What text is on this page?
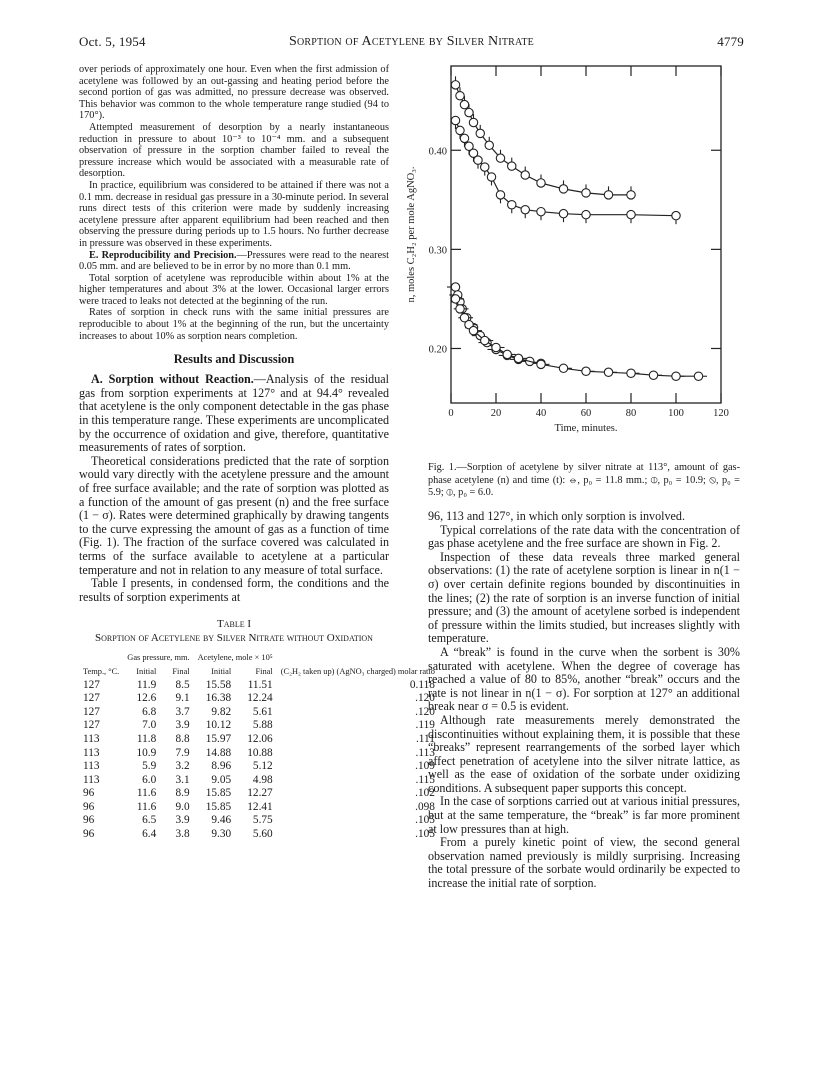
Oct. 5, 1954	Sorption of Acetylene by Silver Nitrate	4779

over periods of approximately one hour. Even when the first admission of acetylene was followed by an out-gassing and heating period before the second portion of gas was admitted, no pressure decrease was observed. This behavior was common to the whole temperature range studied (94 to 170°).

Attempted measurement of desorption by a nearly instantaneous reduction in pressure to about 10⁻³ to 10⁻⁴ mm. and a subsequent observation of pressure in the sorption chamber failed to reveal the pressure increase which would be associated with a measurable rate of desorption.

In practice, equilibrium was considered to be attained if there was not a 0.1 mm. decrease in residual gas pressure in a 30-minute period. In several runs direct tests of this criterion were made by suddenly increasing acetylene pressure after apparent equilibrium had been reached and then observing the pressure during periods up to 1.5 hours. No further decrease in pressure was observed in these experiments.

E. Reproducibility and Precision.—Pressures were read to the nearest 0.05 mm. and are believed to be in error by no more than 0.1 mm.

Total sorption of acetylene was reproducible within about 1% at the higher temperatures and about 3% at the lower. Occasional larger errors were traced to leaks not detected at the beginning of the run.

Rates of sorption in check runs with the same initial pressures are reproducible to about 1% at the beginning of the run, but the uncertainty increases to about 10% as sorption nears completion.

Results and Discussion

A. Sorption without Reaction.—Analysis of the residual gas from sorption experiments at 127° and at 94.4° revealed that acetylene is the only component detectable in the gas phase in this temperature range. These experiments are uncomplicated by the occurrence of oxidation and give, therefore, quantitative measurements of rates of sorption.

Theoretical considerations predicted that the rate of sorption would vary directly with the acetylene pressure and the amount of free surface available; and the rate of sorption was plotted as a function of the amount of gas present (n) and the free surface (1 − σ). Rates were determined graphically by drawing tangents to the curve expressing the amount of gas as a function of time (Fig. 1). The fraction of the surface covered was calculated in terms of the surface available to acetylene at a particular temperature and not in relation to any measure of total surface.

Table I presents, in condensed form, the conditions and the results of sorption experiments at

Table I
Sorption of Acetylene by Silver Nitrate without Oxidation
Temp., °C.	Gas pressure, mm.		Acetylene, mole × 10⁵		(C₂H₂ taken up) (AgNO₃ charged) molar ratio
	Initial	Final	Initial	Final	
127	11.9	8.5	15.58	11.51	0.118
127	12.6	9.1	16.38	12.24	.120
127	6.8	3.7	9.82	5.61	.120
127	7.0	3.9	10.12	5.88	.119
113	11.8	8.8	15.97	12.06	.111
113	10.9	7.9	14.88	10.88	.113
113	5.9	3.2	8.96	5.12	.109
113	6.0	3.1	9.05	4.98	.115
96	11.6	8.9	15.85	12.27	.102
96	11.6	9.0	15.85	12.41	.098
96	6.5	3.9	9.46	5.75	.105
96	6.4	3.8	9.30	5.60	.105
0	20	40	60	80	100	120
0.20
0.30
0.40
Time, minutes.
n, moles C₂H₂ per mole AgNO₃.
Fig. 1.—Sorption of acetylene by silver nitrate at 113°, amount of gas-phase acetylene (n) and time (t): ⦵, p₀ = 11.8 mm.; ⦶, p₀ = 10.9; ⦸, p₀ = 5.9; ⦷, p₀ = 6.0.

96, 113 and 127°, in which only sorption is involved.

Typical correlations of the rate data with the concentration of gas phase acetylene and the free surface are shown in Fig. 2.

Inspection of these data reveals three marked general observations: (1) the rate of acetylene sorption is linear in n(1 − σ) over certain definite regions bounded by discontinuities in the lines; (2) the rate of sorption is an inverse function of initial pressure; and (3) the amount of acetylene sorbed is independent of pressure within the limits studied, but increases slightly with temperature.

A “break” is found in the curve when the sorbent is 30% saturated with acetylene. When the degree of coverage has reached a value of 80 to 85%, another “break” occurs and the rate is not linear in n(1 − σ). For sorption at 127° an additional break near σ = 0.5 is evident.

Although rate measurements merely demonstrated the discontinuities without explaining them, it is possible that these “breaks” represent rearrangements of the sorbed layer which affect penetration of acetylene into the silver nitrate lattice, as well as the ease of oxidation of the sorbate under oxidizing conditions. A subsequent paper supports this concept.

In the case of sorptions carried out at various initial pressures, but at the same temperature, the “break” is far more prominent at low pressures than at high.

From a purely kinetic point of view, the second general observation named previously is mildly surprising. Increasing the total pressure of the sorbate would ordinarily be expected to increase the initial rate of sorption.
